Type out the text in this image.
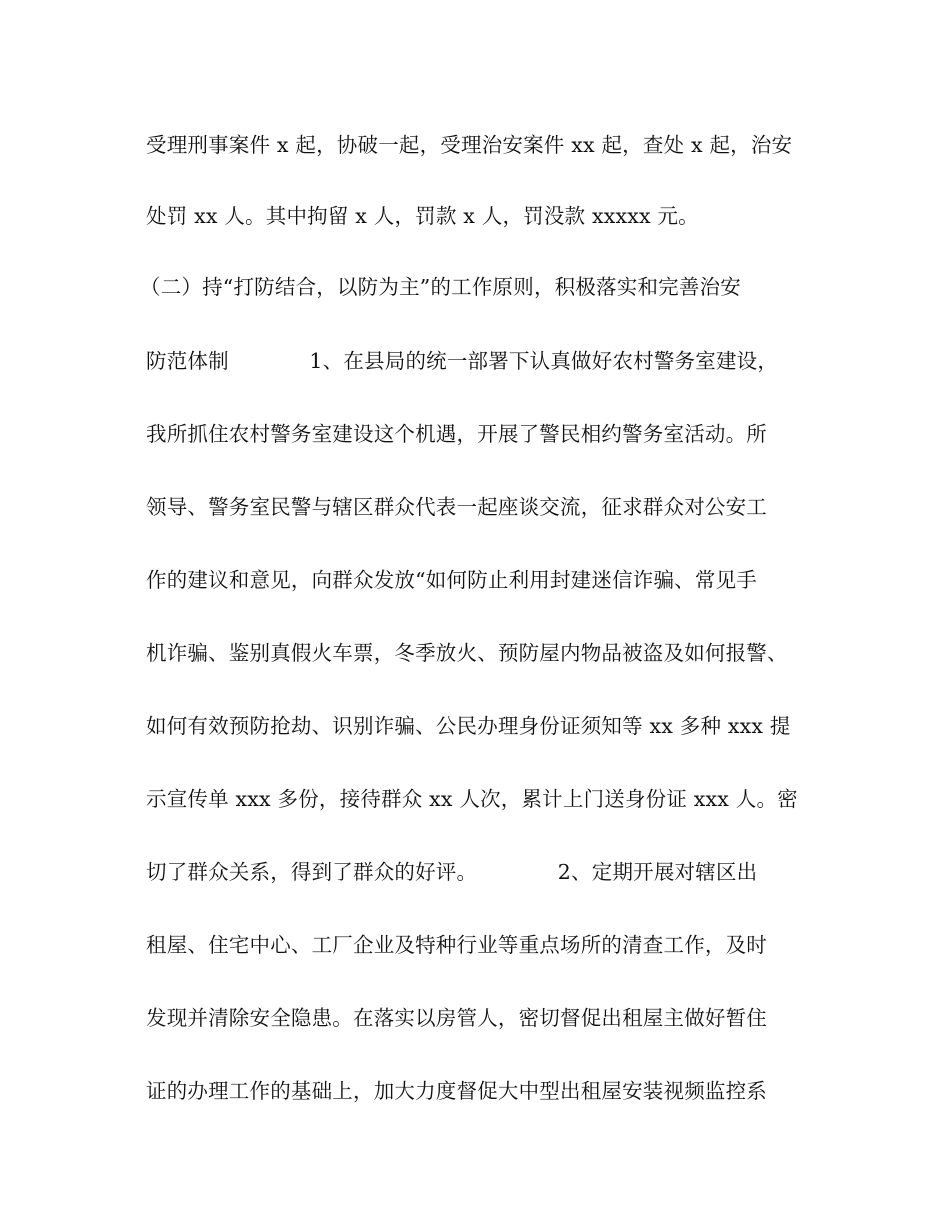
受理刑事案件 x 起，协破一起，受理治安案件 xx 起，查处 x 起，治安
处罚 xx 人。其中拘留 x 人，罚款 x 人，罚没款 xxxxx 元。
（二）持“打防结合，以防为主”的工作原则，积极落实和完善治安
防范体制            1、在县局的统一部署下认真做好农村警务室建设，
我所抓住农村警务室建设这个机遇，开展了警民相约警务室活动。所
领导、警务室民警与辖区群众代表一起座谈交流，征求群众对公安工
作的建议和意见，向群众发放“如何防止利用封建迷信诈骗、常见手
机诈骗、鉴别真假火车票，冬季放火、预防屋内物品被盗及如何报警、
如何有效预防抢劫、识别诈骗、公民办理身份证须知等 xx 多种 xxx 提
示宣传单 xxx 多份，接待群众 xx 人次，累计上门送身份证 xxx 人。密
切了群众关系，得到了群众的好评。            2、定期开展对辖区出
租屋、住宅中心、工厂企业及特种行业等重点场所的清查工作，及时
发现并清除安全隐患。在落实以房管人，密切督促出租屋主做好暂住
证的办理工作的基础上，加大力度督促大中型出租屋安装视频监控系
